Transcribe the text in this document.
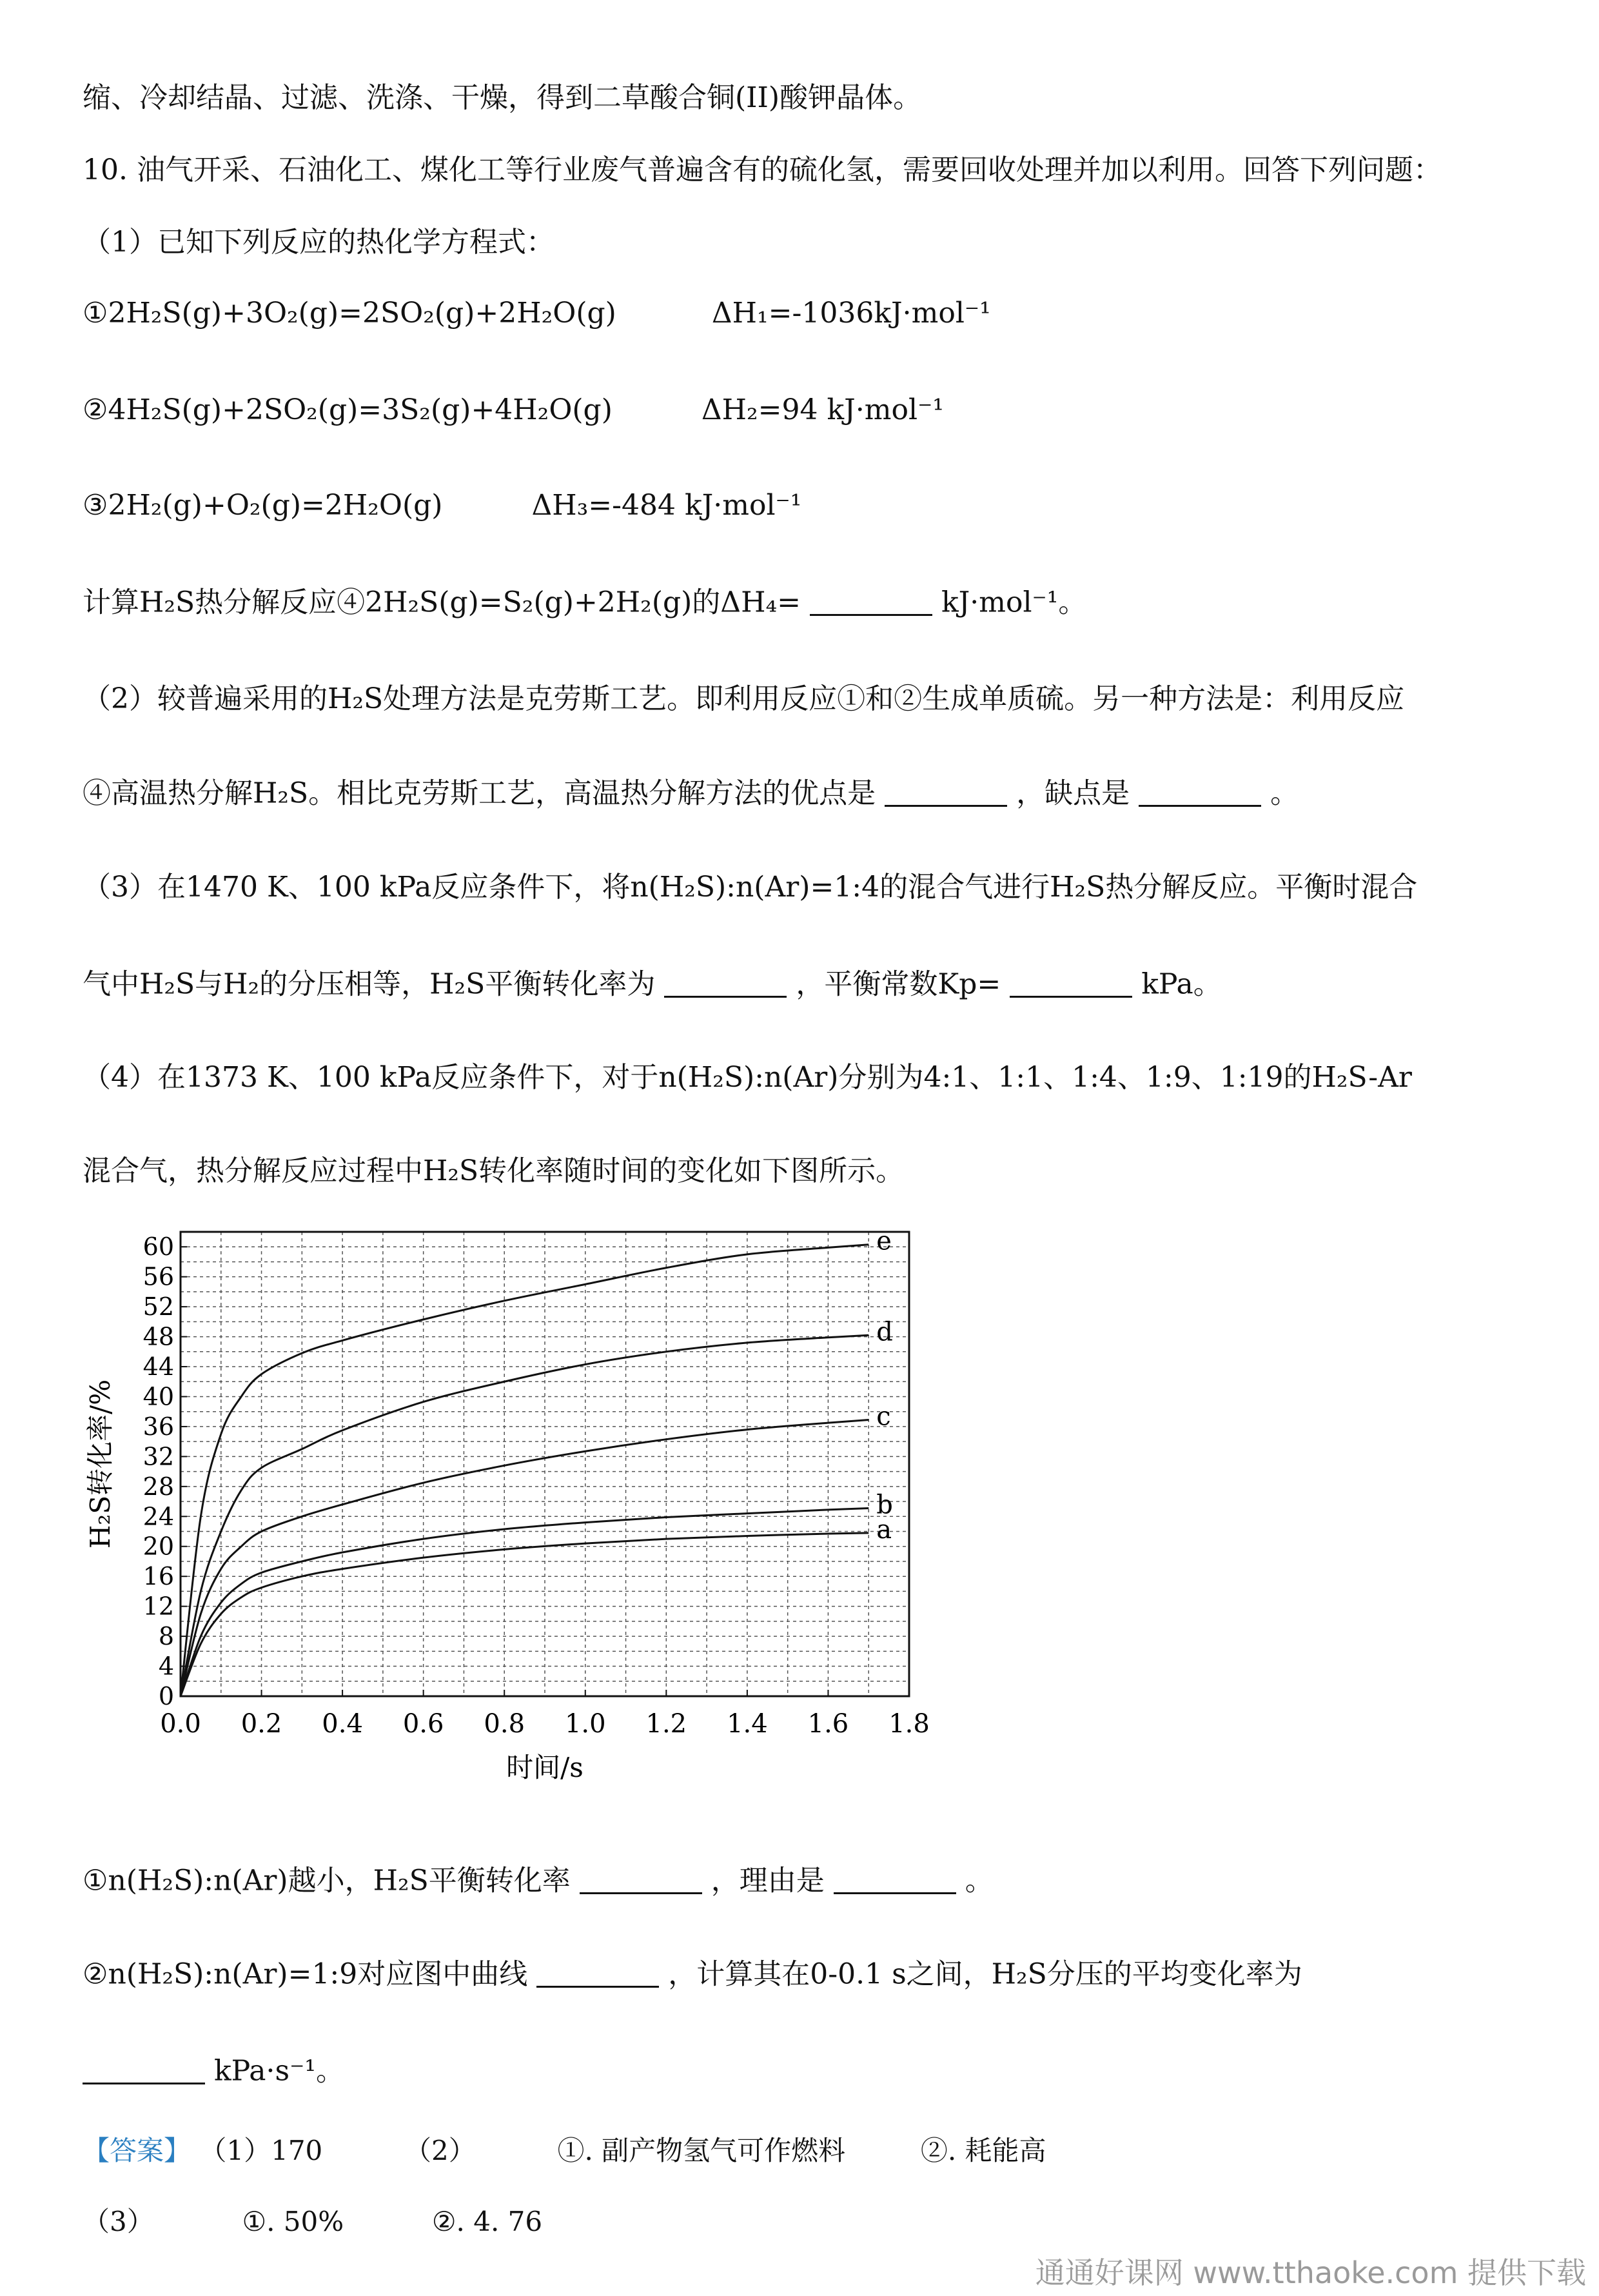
缩、冷却结晶、过滤、洗涤、干燥，得到二草酸合铜(II)酸钾晶体。
10. 油气开采、石油化工、煤化工等行业废气普遍含有的硫化氢，需要回收处理并加以利用。回答下列问题：
（1）已知下列反应的热化学方程式：
①2H₂S(g)+3O₂(g)=2SO₂(g)+2H₂O(g)	ΔH₁=-1036kJ·mol⁻¹
②4H₂S(g)+2SO₂(g)=3S₂(g)+4H₂O(g)	ΔH₂=94 kJ·mol⁻¹
③2H₂(g)+O₂(g)=2H₂O(g)	ΔH₃=-484 kJ·mol⁻¹
计算H₂S热分解反应④2H₂S(g)=S₂(g)+2H₂(g)的ΔH₄=	kJ·mol⁻¹。
（2）较普遍采用的H₂S处理方法是克劳斯工艺。即利用反应①和②生成单质硫。另一种方法是：利用反应
④高温热分解H₂S。相比克劳斯工艺，高温热分解方法的优点是	，缺点是	。
（3）在1470 K、100 kPa反应条件下，将n(H₂S):n(Ar)=1:4的混合气进行H₂S热分解反应。平衡时混合
气中H₂S与H₂的分压相等，H₂S平衡转化率为	，平衡常数Kp=	kPa。
（4）在1373 K、100 kPa反应条件下，对于n(H₂S):n(Ar)分别为4:1、1:1、1:4、1:9、1:19的H₂S-Ar
混合气，热分解反应过程中H₂S转化率随时间的变化如下图所示。
0.0 0.2 0.4 0.6 0.8 1.0 1.2 1.4 1.6 1.8
0
4
8
12
16
20
24
28
32
36
40
44
48
52
56
60
时间/s
H₂S转化率/%	a
b
c
d
e
①n(H₂S):n(Ar)越小，H₂S平衡转化率	，理由是	。
②n(H₂S):n(Ar)=1:9对应图中曲线	，计算其在0-0.1 s之间，H₂S分压的平均变化率为
kPa·s⁻¹。
【答案】 （1）170	（2）	①. 副产物氢气可作燃料	②. 耗能高
（3）	①. 50%	②. 4. 76
通通好课网 www.tthaoke.com 提供下载
